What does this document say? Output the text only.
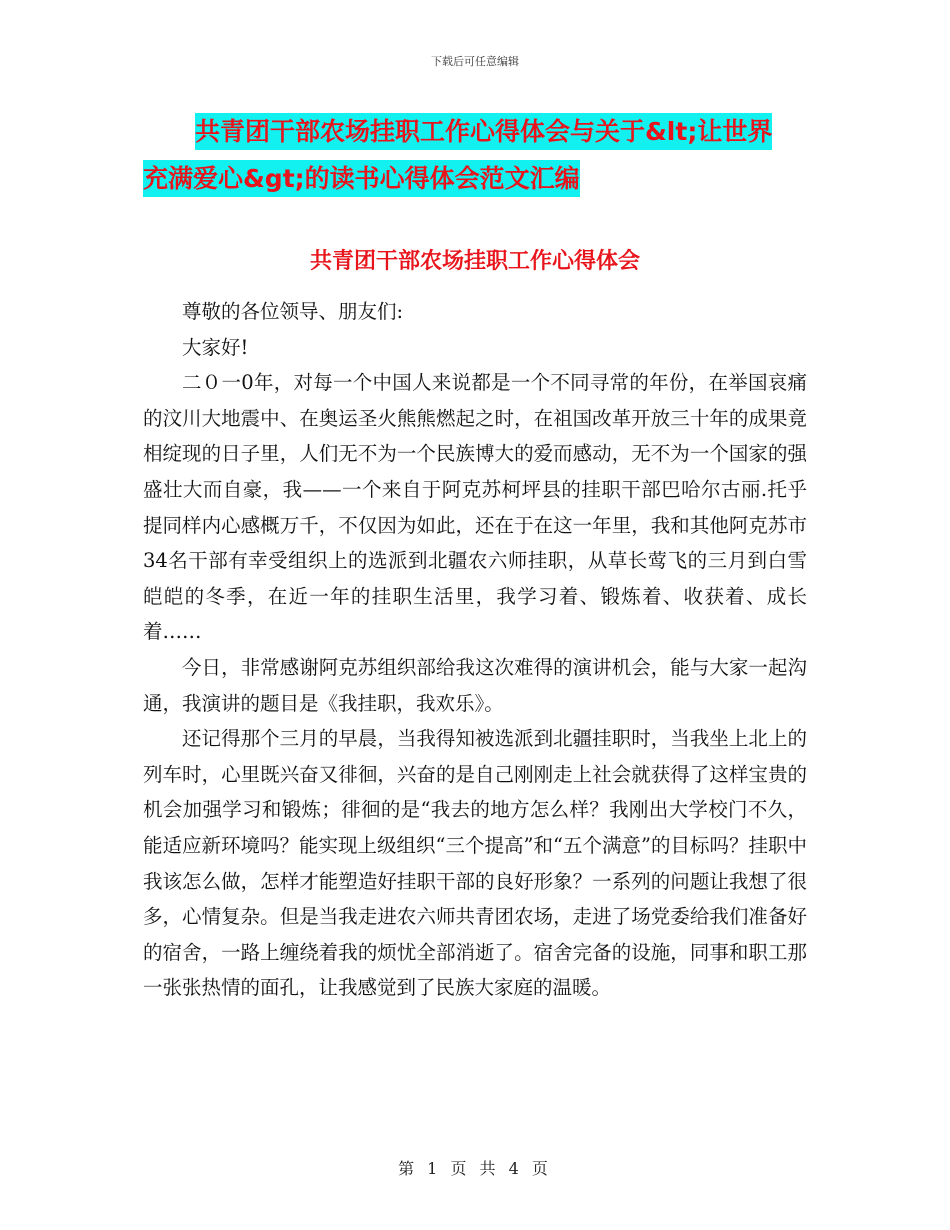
下载后可任意编辑
共青团干部农场挂职工作心得体会与关于&lt;让世界
充满爱心&gt;的读书心得体会范文汇编
共青团干部农场挂职工作心得体会

尊敬的各位领导、朋友们:

大家好!

二０一0年，对每一个中国人来说都是一个不同寻常的年份，在举国哀痛的汶川大地震中、在奥运圣火熊熊燃起之时，在祖国改革开放三十年的成果竟相绽现的日子里，人们无不为一个民族博大的爱而感动，无不为一个国家的强盛壮大而自豪，我——一个来自于阿克苏柯坪县的挂职干部巴哈尔古丽.托乎提同样内心感概万千，不仅因为如此，还在于在这一年里，我和其他阿克苏市34名干部有幸受组织上的选派到北疆农六师挂职，从草长莺飞的三月到白雪皑皑的冬季，在近一年的挂职生活里，我学习着、锻炼着、收获着、成长着……

今日，非常感谢阿克苏组织部给我这次难得的演讲机会，能与大家一起沟通，我演讲的题目是《我挂职，我欢乐》。

还记得那个三月的早晨，当我得知被选派到北疆挂职时，当我坐上北上的列车时，心里既兴奋又徘徊，兴奋的是自己刚刚走上社会就获得了这样宝贵的机会加强学习和锻炼；徘徊的是“我去的地方怎么样？我刚出大学校门不久，能适应新环境吗？能实现上级组织“三个提高”和“五个满意”的目标吗？挂职中我该怎么做，怎样才能塑造好挂职干部的良好形象？一系列的问题让我想了很多，心情复杂。但是当我走进农六师共青团农场，走进了场党委给我们准备好的宿舍，一路上缠绕着我的烦忧全部消逝了。宿舍完备的设施，同事和职工那一张张热情的面孔，让我感觉到了民族大家庭的温暖。

第 1 页 共 4 页
